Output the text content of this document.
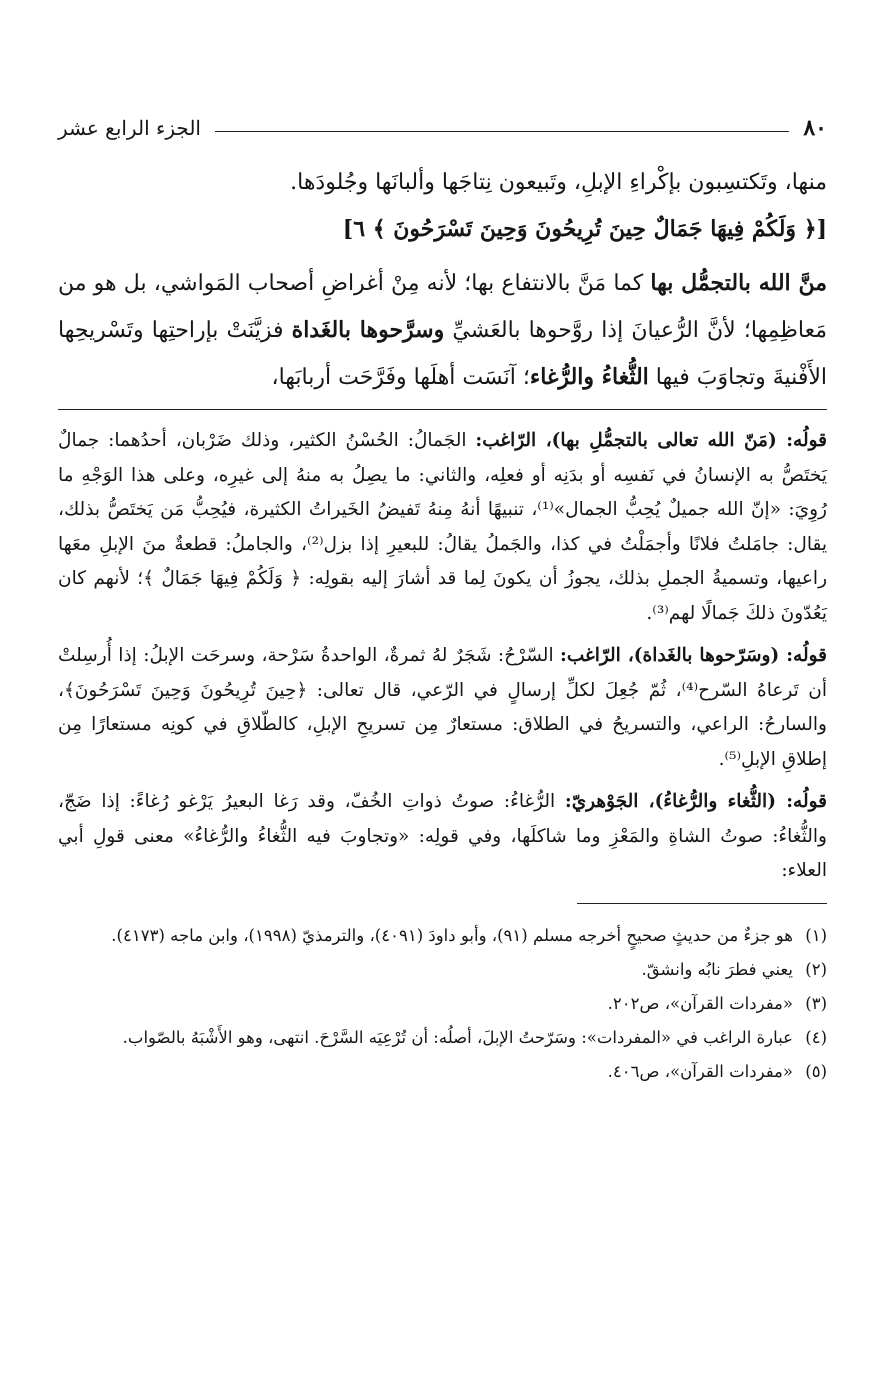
٨٠
الجزء الرابع عشر

منها، وتَكتسِبون بإكْراءِ الإبلِ، وتَبيعون نِتاجَها وألبانَها وجُلودَها.

[﴿ وَلَكُمْ فِيهَا جَمَالٌ حِينَ تُرِيحُونَ وَحِينَ تَسْرَحُونَ ﴾ ٦]

منَّ الله بالتجمُّل بها كما مَنَّ بالانتفاع بها؛ لأنه مِنْ أغراضِ أصحاب المَواشي، بل هو من مَعاظِمِها؛ لأنَّ الرُّعيانَ إذا روَّحوها بالعَشيِّ وسرَّحوها بالغَداة فزيَّنَتْ بإراحتِها وتَسْريحِها الأَفْنيةَ وتجاوَبَ فيها الثُّغاءُ والرُّغاء؛ آنَسَت أهلَها وفَرَّحَت أربابَها،

قولُه: (مَنّ الله تعالى بالتجمُّلِ بها)، الرّاغب: الجَمالُ: الحُسْنُ الكثير، وذلك ضَرْبان، أحدُهما: جمالٌ يَختَصُّ به الإنسانُ في نَفسِه أو بدَنِه أو فعلِه، والثاني: ما يصِلُ به منهُ إلى غيرِه، وعلى هذا الوَجْهِ ما رُوِيَ: «إنّ الله جميلٌ يُحِبُّ الجمال»⁽¹⁾، تنبيهًا أنهُ مِنهُ تَفيضُ الخَيراتُ الكثيرة، فيُحِبُّ مَن يَختَصُّ بذلك، يقال: جامَلتُ فلانًا وأجمَلْتُ في كذا، والجَملُ يقالُ: للبعيرِ إذا بزل⁽²⁾، والجاملُ: قطعةٌ منَ الإبلِ معَها راعيها، وتسميةُ الجملِ بذلك، يجوزُ أن يكونَ لِما قد أشارَ إليه بقولِه: ﴿ وَلَكُمْ فِيهَا جَمَالٌ ﴾؛ لأنهم كان يَعُدّونَ ذلكَ جَمالًا لهم⁽³⁾.

قولُه: (وسَرّحوها بالغَداة)، الرّاغب: السّرْحُ: شَجَرٌ لهُ ثمرةٌ، الواحدةُ سَرْحة، وسرحَت الإبلُ: إذا أُرسِلتْ أن تَرعاهُ السّرح⁽⁴⁾، ثُمّ جُعِلَ لكلِّ إرسالٍ في الرّعي، قال تعالى: ﴿حِينَ تُرِيحُونَ وَحِينَ تَسْرَحُونَ﴾، والسارحُ: الراعي، والتسريحُ في الطلاق: مستعارٌ مِن تسريحِ الإبلِ، كالطّلاقِ في كونِه مستعارًا مِن إطلاقِ الإبلِ⁽⁵⁾.

قولُه: (الثُّغاء والرُّغاءُ)، الجَوْهريّ: الرُّغاءُ: صوتُ ذواتِ الخُفّ، وقد رَغا البعيرُ يَرْغو رُغاءً: إذا ضَجّ، والثُّغاءُ: صوتُ الشاةِ والمَعْزِ وما شاكلَها، وفي قولِه: «وتجاوبَ فيه الثُّغاءُ والرُّغاءُ» معنى قولِ أبي العلاء:

(١)
هو جزءٌ من حديثٍ صحيحٍ أخرجه مسلم (٩١)، وأبو داودَ (٤٠٩١)، والترمذيّ (١٩٩٨)، وابن ماجه (٤١٧٣).
(٢)
يعني فطرَ نابُه وانشقّ.
(٣)
«مفردات القرآن»، ص٢٠٢.
(٤)
عبارة الراغب في «المفردات»: وسَرّحتُ الإبلَ، أصلُه: أن تُرْعِيَه السَّرْحَ. انتهى، وهو الأَشْبَهُ بالصّواب.
(٥)
«مفردات القرآن»، ص٤٠٦.
